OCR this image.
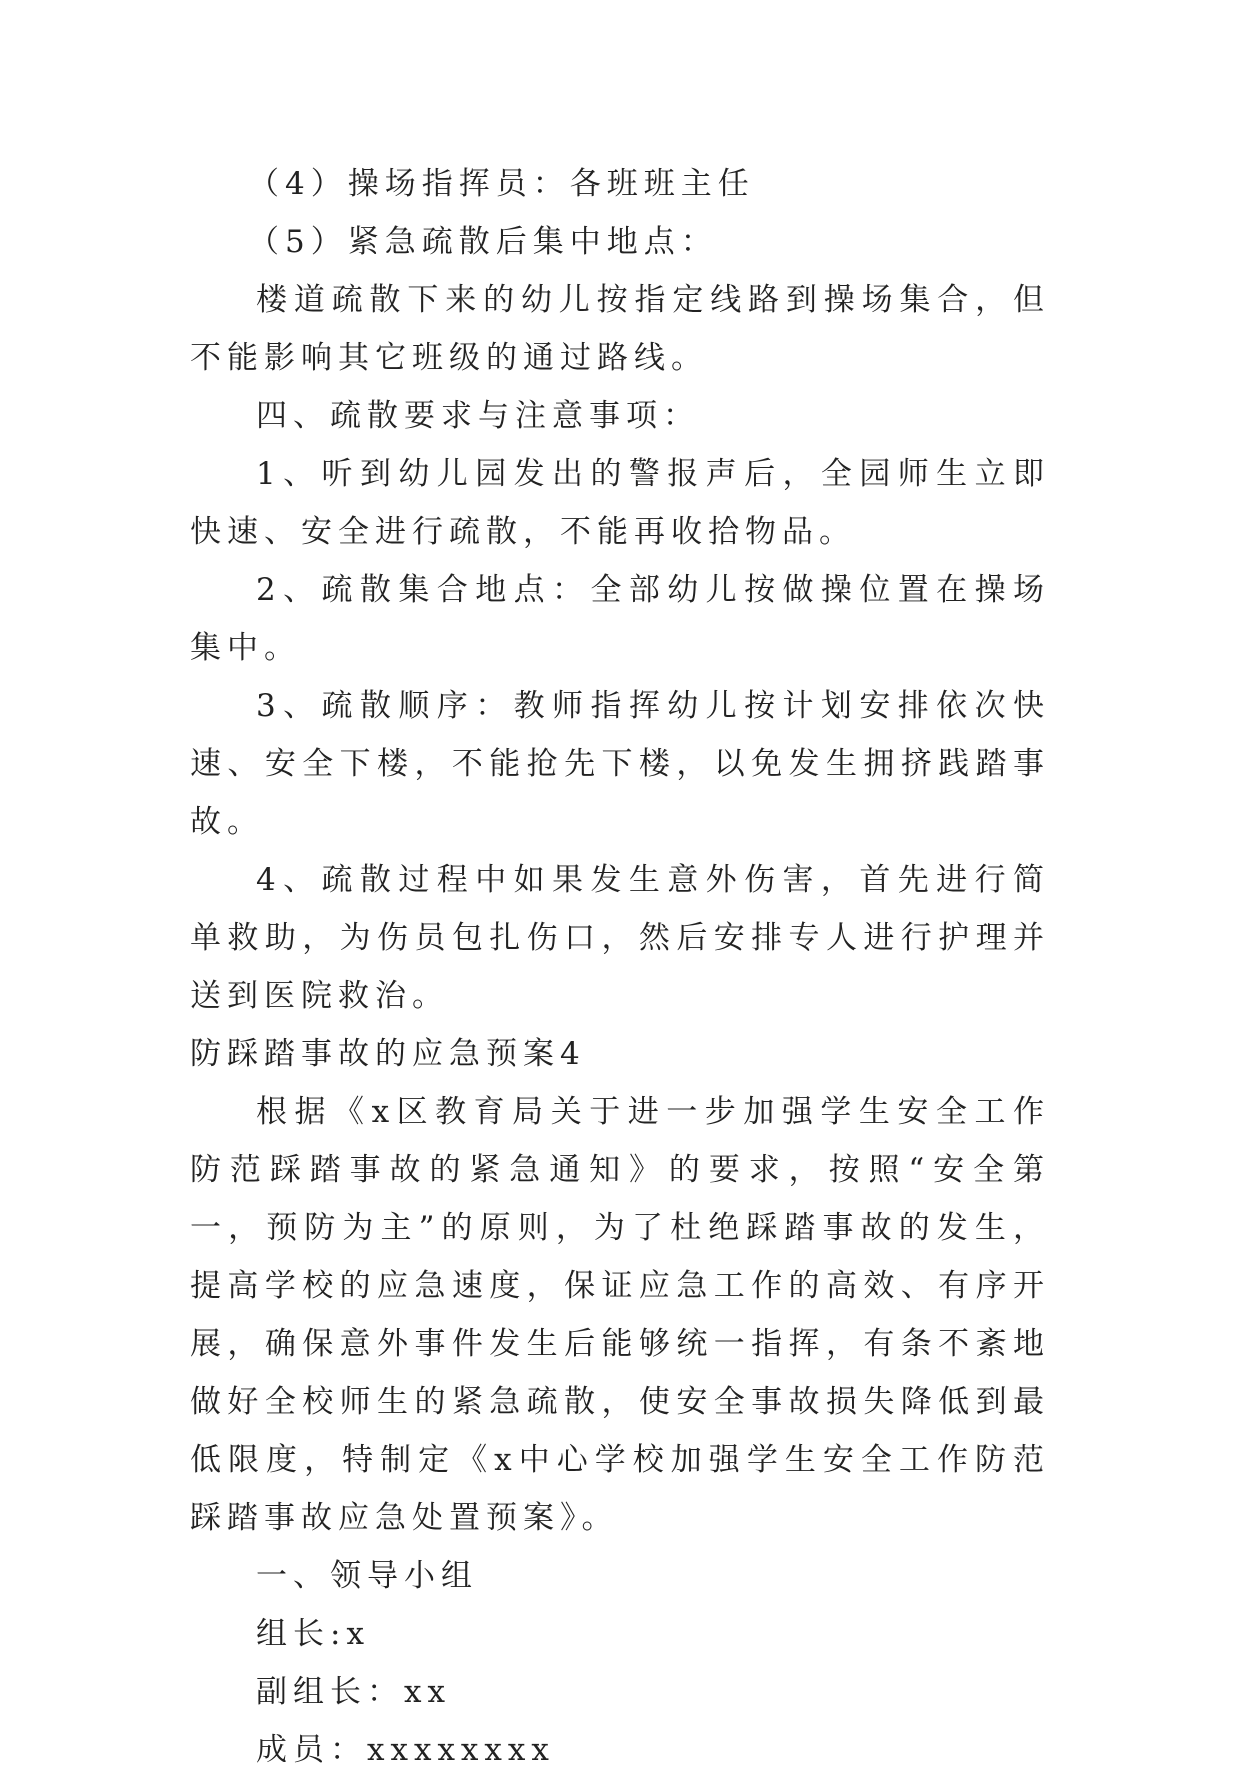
（4）操场指挥员：各班班主任

（5）紧急疏散后集中地点：

楼道疏散下来的幼儿按指定线路到操场集合，但不能影响其它班级的通过路线。

四、疏散要求与注意事项：

1、听到幼儿园发出的警报声后，全园师生立即快速、安全进行疏散，不能再收拾物品。

2、疏散集合地点：全部幼儿按做操位置在操场集中。

3、疏散顺序：教师指挥幼儿按计划安排依次快速、安全下楼，不能抢先下楼，以免发生拥挤践踏事故。

4、疏散过程中如果发生意外伤害，首先进行简单救助，为伤员包扎伤口，然后安排专人进行护理并送到医院救治。

防踩踏事故的应急预案4

根据《x区教育局关于进一步加强学生安全工作防范踩踏事故的紧急通知》的要求，按照“安全第一，预防为主”的原则，为了杜绝踩踏事故的发生，提高学校的应急速度，保证应急工作的高效、有序开展，确保意外事件发生后能够统一指挥，有条不紊地做好全校师生的紧急疏散，使安全事故损失降低到最低限度，特制定《x中心学校加强学生安全工作防范踩踏事故应急处置预案》。

一、领导小组

组长:x

副组长：xx

成员：xxxxxxxx
